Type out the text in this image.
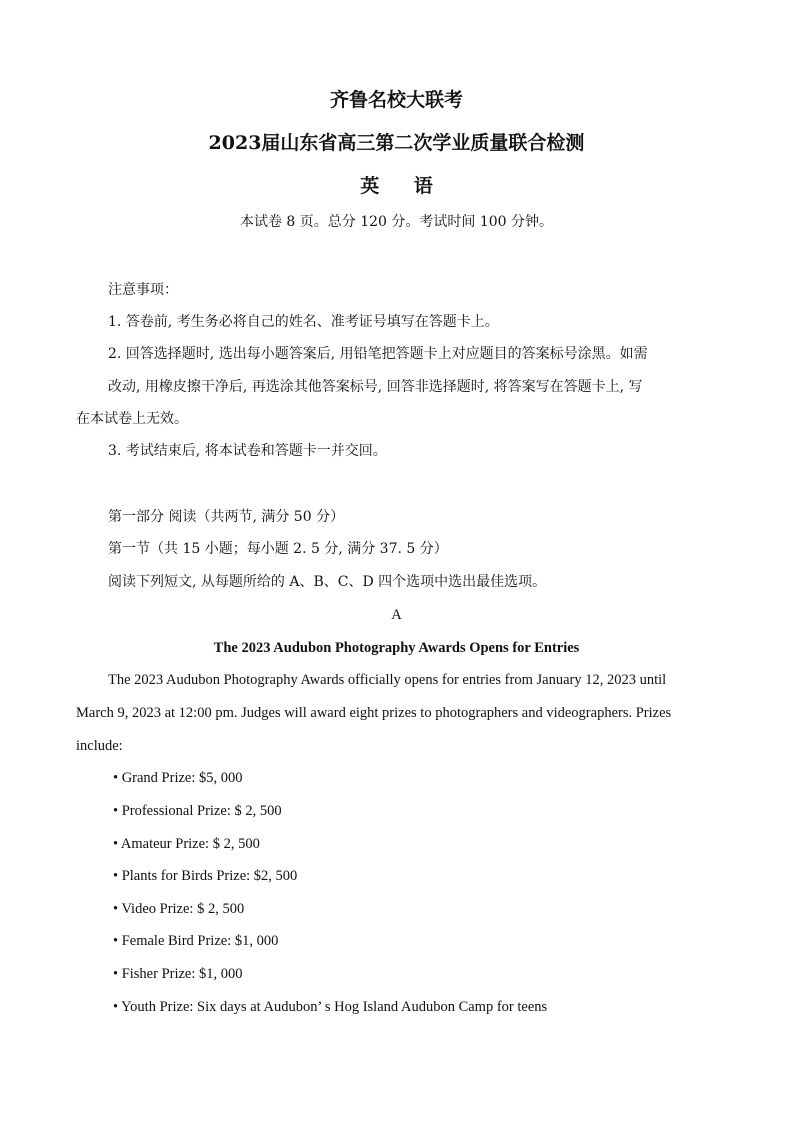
齐鲁名校大联考
2023届山东省高三第二次学业质量联合检测
英 语
本试卷 8 页。总分 120 分。考试时间 100 分钟。
注意事项：
1. 答卷前, 考生务必将自己的姓名、准考证号填写在答题卡上。
2. 回答选择题时, 选出每小题答案后, 用铅笔把答题卡上对应题目的答案标号涂黑。如需
改动, 用橡皮擦干净后, 再选涂其他答案标号, 回答非选择题时, 将答案写在答题卡上, 写
在本试卷上无效。
3. 考试结束后, 将本试卷和答题卡一并交回。
第一部分 阅读（共两节, 满分 50 分）
第一节（共 15 小题；每小题 2. 5 分, 满分 37. 5 分）
阅读下列短文, 从每题所给的 A、B、C、D 四个选项中选出最佳选项。
A
The 2023 Audubon Photography Awards Opens for Entries
The 2023 Audubon Photography Awards officially opens for entries from January 12, 2023 until
March 9, 2023 at 12:00 pm. Judges will award eight prizes to photographers and videographers. Prizes
include:
• Grand Prize: $5, 000
• Professional Prize: $ 2, 500
• Amateur Prize: $ 2, 500
• Plants for Birds Prize: $2, 500
• Video Prize: $ 2, 500
• Female Bird Prize: $1, 000
• Fisher Prize: $1, 000
• Youth Prize: Six days at Audubon’ s Hog Island Audubon Camp for teens
